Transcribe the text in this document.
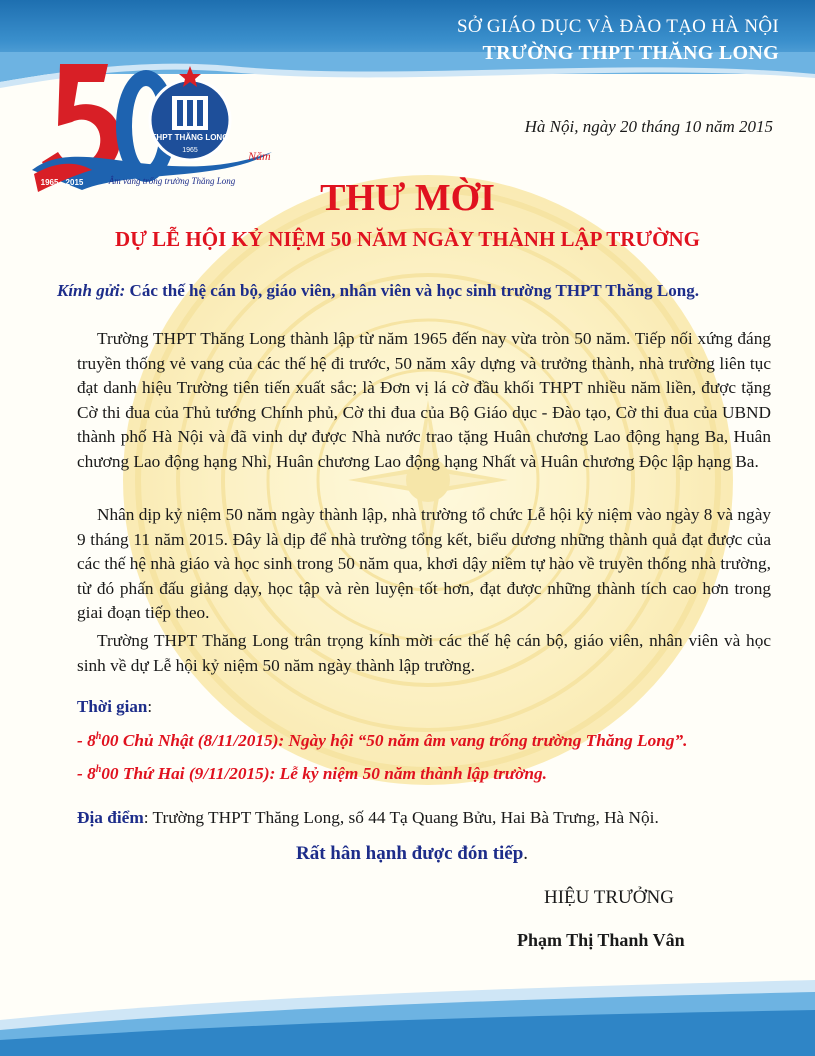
SỞ GIÁO DỤC VÀ ĐÀO TẠO HÀ NỘI
TRƯỜNG THPT THĂNG LONG
THPT THĂNG LONG
1965
1965 - 2015
Năm
Âm vang trống trường Thăng Long
Hà Nội, ngày 20 tháng 10 năm 2015
THƯ MỜI
DỰ LỄ HỘI KỶ NIỆM 50 NĂM NGÀY THÀNH LẬP TRƯỜNG
Kính gửi: Các thế hệ cán bộ, giáo viên, nhân viên và học sinh trường THPT Thăng Long.

Trường THPT Thăng Long thành lập từ năm 1965 đến nay vừa tròn 50 năm. Tiếp nối xứng đáng truyền thống vẻ vang của các thế hệ đi trước, 50 năm xây dựng và trưởng thành, nhà trường liên tục đạt danh hiệu Trường tiên tiến xuất sắc; là Đơn vị lá cờ đầu khối THPT nhiều năm liền, được tặng Cờ thi đua của Thủ tướng Chính phủ, Cờ thi đua của Bộ Giáo dục - Đào tạo, Cờ thi đua của UBND thành phố Hà Nội và đã vinh dự được Nhà nước trao tặng Huân chương Lao động hạng Ba, Huân chương Lao động hạng Nhì, Huân chương Lao động hạng Nhất và Huân chương Độc lập hạng Ba.

Nhân dịp kỷ niệm 50 năm ngày thành lập, nhà trường tổ chức Lễ hội kỷ niệm vào ngày 8 và ngày 9 tháng 11 năm 2015. Đây là dịp để nhà trường tổng kết, biểu dương những thành quả đạt được của các thế hệ nhà giáo và học sinh trong 50 năm qua, khơi dậy niềm tự hào về truyền thống nhà trường, từ đó phấn đấu giảng dạy, học tập và rèn luyện tốt hơn, đạt được những thành tích cao hơn trong giai đoạn tiếp theo.

Trường THPT Thăng Long trân trọng kính mời các thế hệ cán bộ, giáo viên, nhân viên và học sinh về dự Lễ hội kỷ niệm 50 năm ngày thành lập trường.

Thời gian:
- 8$^h$00 Chủ Nhật (8/11/2015): Ngày hội “50 năm âm vang trống trường Thăng Long”.
- 8$^h$00 Thứ Hai (9/11/2015): Lễ kỷ niệm 50 năm thành lập trường.
Địa điểm: Trường THPT Thăng Long, số 44 Tạ Quang Bửu, Hai Bà Trưng, Hà Nội.
Rất hân hạnh được đón tiếp.
HIỆU TRƯỞNG
Phạm Thị Thanh Vân
